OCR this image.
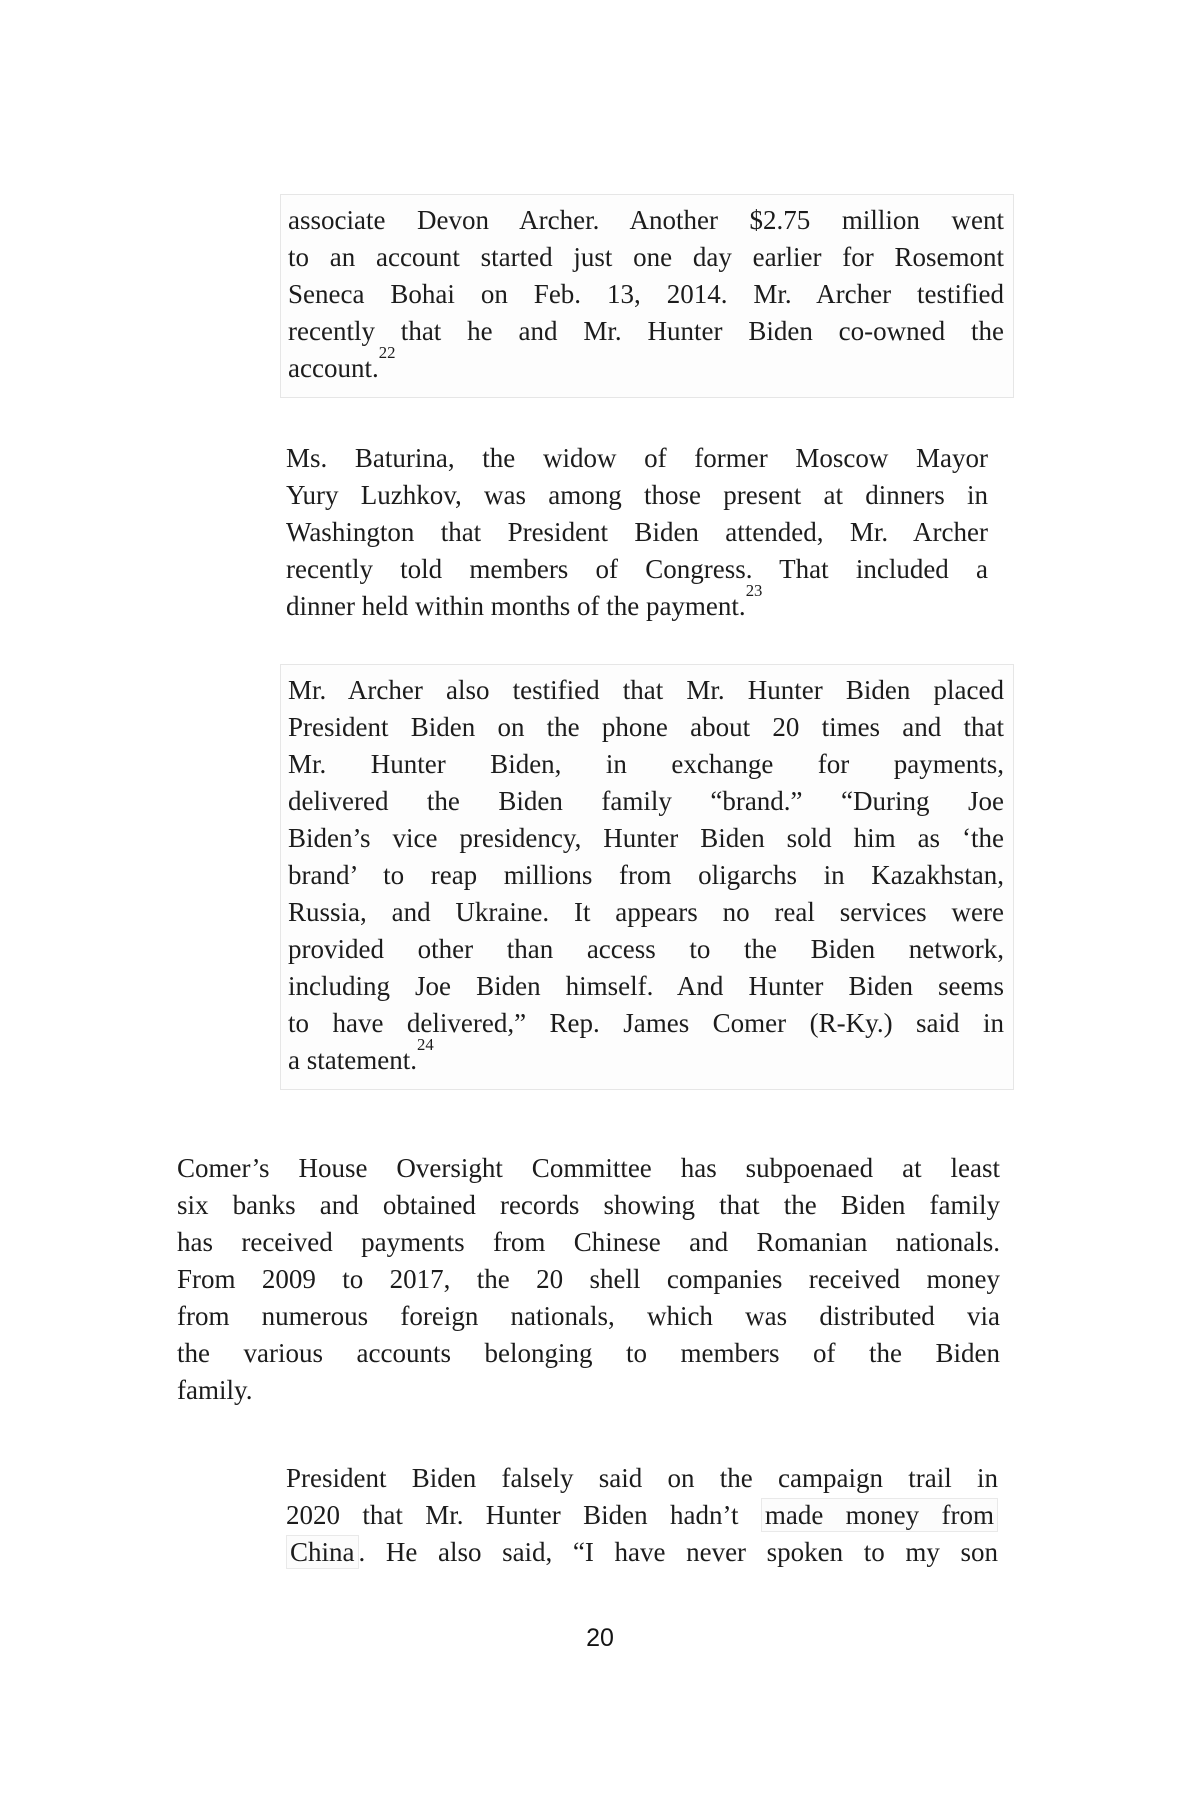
associate Devon Archer. Another $2.75 million went
to an account started just one day earlier for Rosemont
Seneca Bohai on Feb. 13, 2014. Mr. Archer testified
recently that he and Mr. Hunter Biden co-owned the
account.$^{22}$
Ms. Baturina, the widow of former Moscow Mayor
Yury Luzhkov, was among those present at dinners in
Washington that President Biden attended, Mr. Archer
recently told members of Congress. That included a
dinner held within months of the payment.$^{23}$
Mr. Archer also testified that Mr. Hunter Biden placed
President Biden on the phone about 20 times and that
Mr. Hunter Biden, in exchange for payments,
delivered the Biden family “brand.” “During Joe
Biden’s vice presidency, Hunter Biden sold him as ‘the
brand’ to reap millions from oligarchs in Kazakhstan,
Russia, and Ukraine. It appears no real services were
provided other than access to the Biden network,
including Joe Biden himself. And Hunter Biden seems
to have delivered,” Rep. James Comer (R-Ky.) said in
a statement.$^{24}$
Comer’s House Oversight Committee has subpoenaed at least
six banks and obtained records showing that the Biden family
has received payments from Chinese and Romanian nationals.
From 2009 to 2017, the 20 shell companies received money
from numerous foreign nationals, which was distributed via
the various accounts belonging to members of the Biden
family.
President Biden falsely said on the campaign trail in
2020 that Mr. Hunter Biden hadn’t made money from
China . He also said, “I have never spoken to my son
20
